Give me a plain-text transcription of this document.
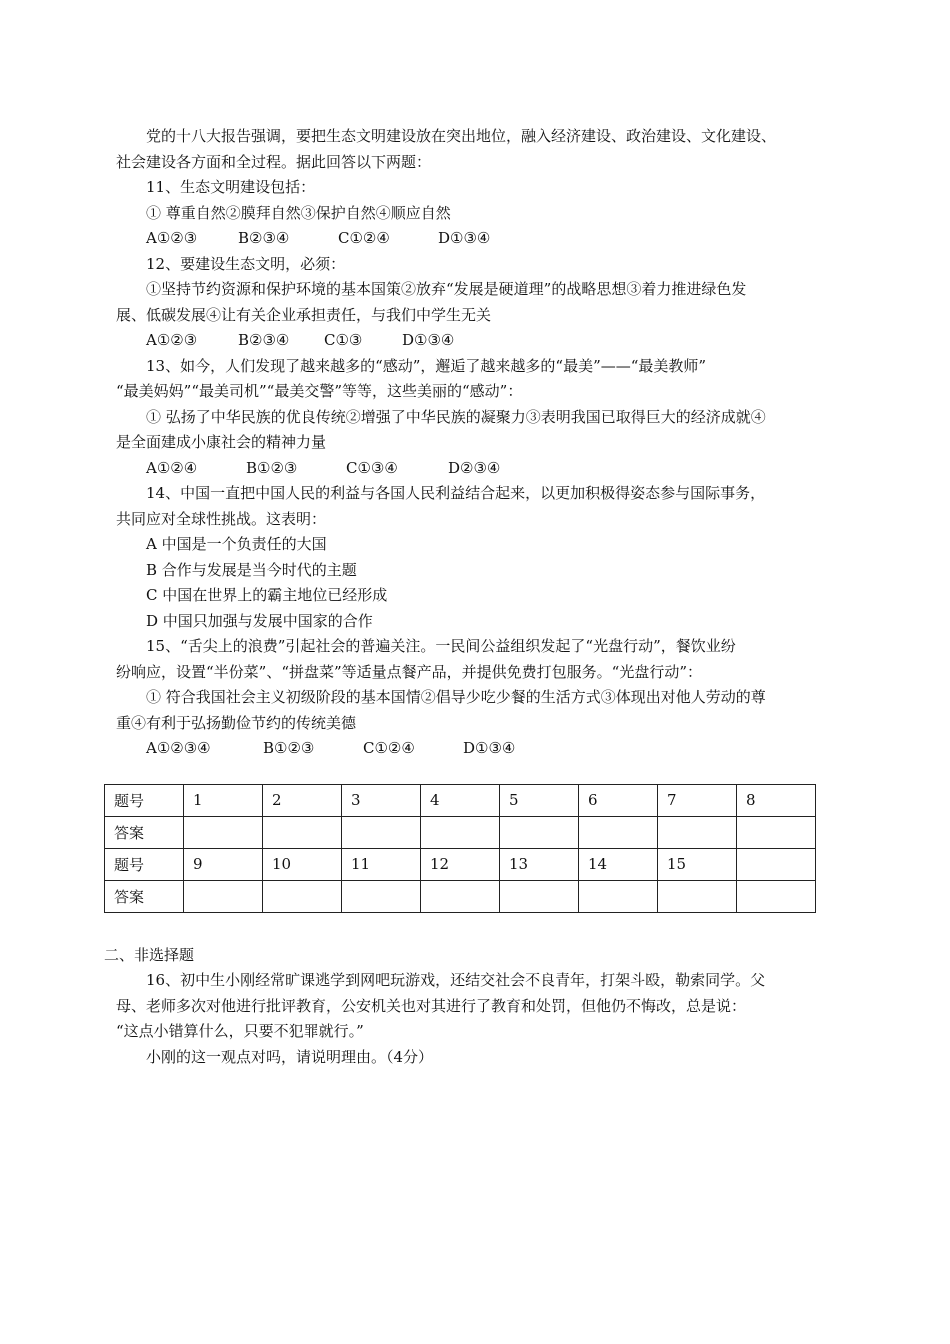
党的十八大报告强调，要把生态文明建设放在突出地位，融入经济建设、政治建设、文化建设、

社会建设各方面和全过程。据此回答以下两题：

11、生态文明建设包括：

① 尊重自然②膜拜自然③保护自然④顺应自然

A①②③	B②③④	C①②④	D①③④

12、要建设生态文明，必须：

①坚持节约资源和保护环境的基本国策②放弃“发展是硬道理”的战略思想③着力推进绿色发

展、低碳发展④让有关企业承担责任，与我们中学生无关

A①②③	B②③④ C①③	D①③④

13、如今，人们发现了越来越多的“感动”，邂逅了越来越多的“最美”——“最美教师”

“最美妈妈”“最美司机”“最美交警”等等，这些美丽的“感动”：

① 弘扬了中华民族的优良传统②增强了中华民族的凝聚力③表明我国已取得巨大的经济成就④

是全面建成小康社会的精神力量

A①②④	B①②③	C①③④	D②③④

14、中国一直把中国人民的利益与各国人民利益结合起来，以更加积极得姿态参与国际事务，

共同应对全球性挑战。这表明：

A 中国是一个负责任的大国

B 合作与发展是当今时代的主题

C 中国在世界上的霸主地位已经形成

D 中国只加强与发展中国家的合作

15、“舌尖上的浪费”引起社会的普遍关注。一民间公益组织发起了“光盘行动”，餐饮业纷

纷响应，设置“半份菜”、“拼盘菜”等适量点餐产品，并提供免费打包服务。“光盘行动”：

① 符合我国社会主义初级阶段的基本国情②倡导少吃少餐的生活方式③体现出对他人劳动的尊

重④有利于弘扬勤俭节约的传统美德

A①②③④	B①②③	C①②④	D①③④

题号	1	2	3	4	5	6	7	8
答案								
题号	9	10	11	12	13	14	15	
答案								

二、非选择题

16、初中生小刚经常旷课逃学到网吧玩游戏，还结交社会不良青年，打架斗殴，勒索同学。父

母、老师多次对他进行批评教育，公安机关也对其进行了教育和处罚，但他仍不悔改，总是说：

“这点小错算什么，只要不犯罪就行。”

小刚的这一观点对吗，请说明理由。（4分）
